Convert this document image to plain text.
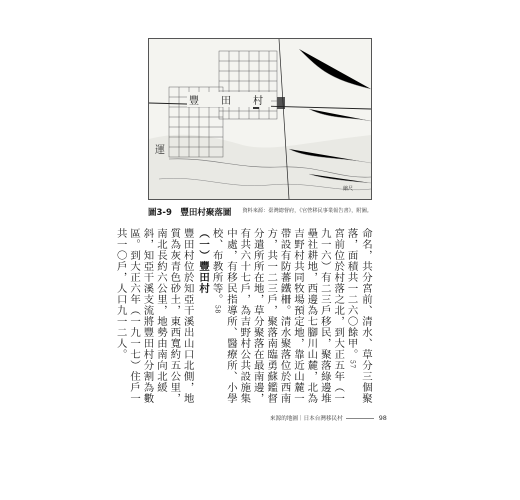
豐　田　村
運
縮尺
圖3-9　豐田村聚落圖 資料來源：臺灣總督府，《官營移民事業報告書》，附圖。

命名，共分宮前、清水、草分三個聚落，面積共一二六〇餘甲。57

宮前位於村落之北，到大正五年（一九一六）有二三戶移民，聚落綠邊堆壘社耕地，西邊為七腳川山麓，北為吉野村共同牧場預定地，靠近山麓一帶設有防蕃鐵柵。清水聚落位於西南方，共一二三戶，聚落南臨勇蘇鑑督分遣所所在地，草分聚落在最南邊，有共六十七戶，為吉野村公共設施集中處，有移民指導所、醫療所、小學校、布教所等。58

（一）豐田村

豐田村位於知亞干溪出山口北側，地質為灰青色砂土，東西寬約五公里，南北長約六公里，地勢由南向北緩斜，知亞干溪支流將豐田村分割為數區。到大正六年（一九一七）住戶一共一〇戶，人口九一二人。

來源的地圖｜日本台灣移民村	98
